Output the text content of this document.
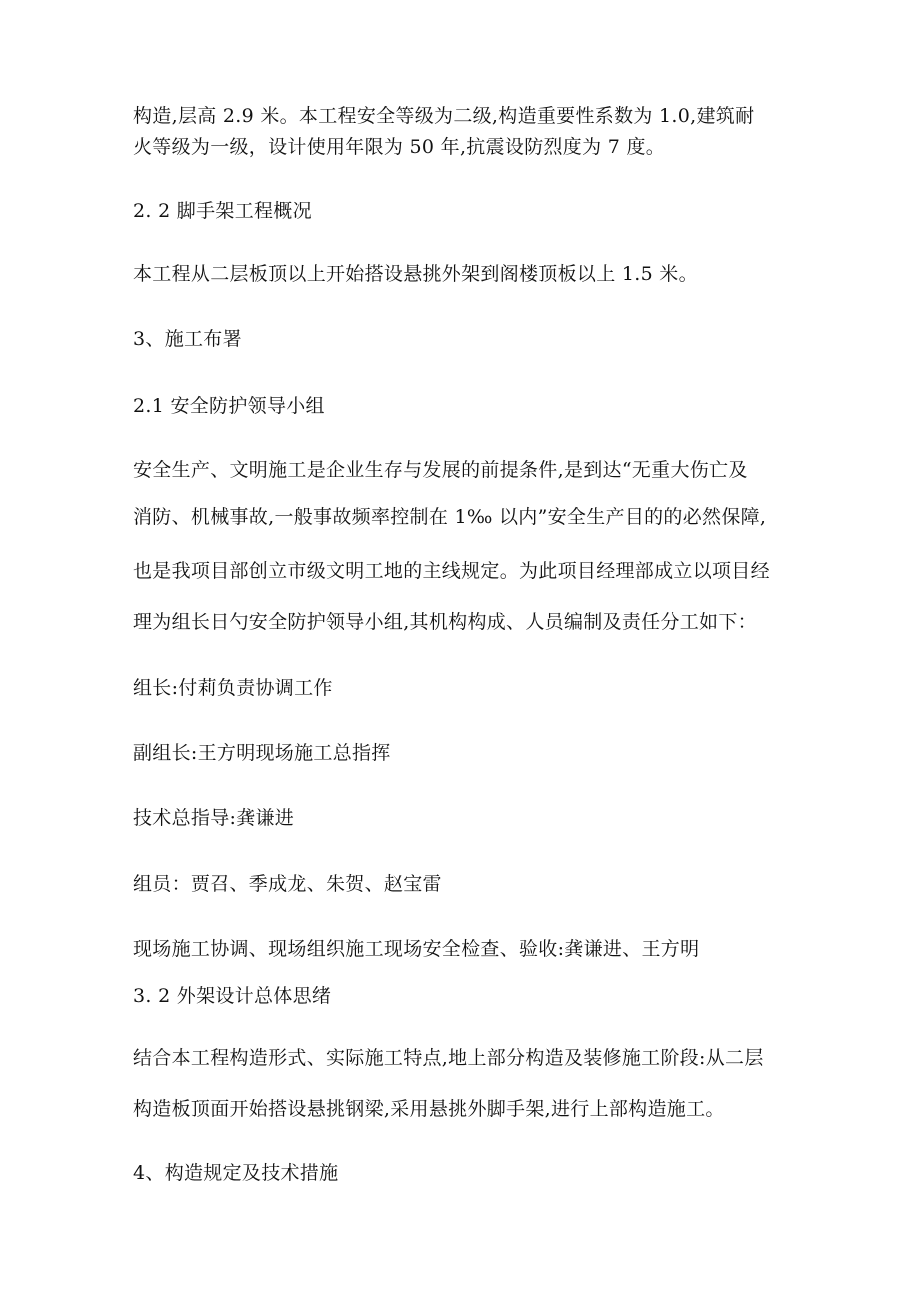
构造,层高 2.9 米。本工程安全等级为二级,构造重要性系数为 1.0,建筑耐
火等级为一级，设计使用年限为 50 年,抗震设防烈度为 7 度。
2. 2 脚手架工程概况
本工程从二层板顶以上开始搭设悬挑外架到阁楼顶板以上 1.5 米。
3、施工布署
2.1 安全防护领导小组
安全生产、文明施工是企业生存与发展的前提条件,是到达“无重大伤亡及
消防、机械事故,一般事故频率控制在 1‰ 以内”安全生产目的的必然保障,
也是我项目部创立市级文明工地的主线规定。为此项目经理部成立以项目经
理为组长日勺安全防护领导小组,其机构构成、人员编制及责任分工如下：
组长:付莉负责协调工作
副组长:王方明现场施工总指挥
技术总指导:龚谦进
组员：贾召、季成龙、朱贺、赵宝雷
现场施工协调、现场组织施工现场安全检查、验收:龚谦进、王方明
3. 2 外架设计总体思绪
结合本工程构造形式、实际施工特点,地上部分构造及装修施工阶段:从二层
构造板顶面开始搭设悬挑钢梁,采用悬挑外脚手架,进行上部构造施工。
4、构造规定及技术措施
